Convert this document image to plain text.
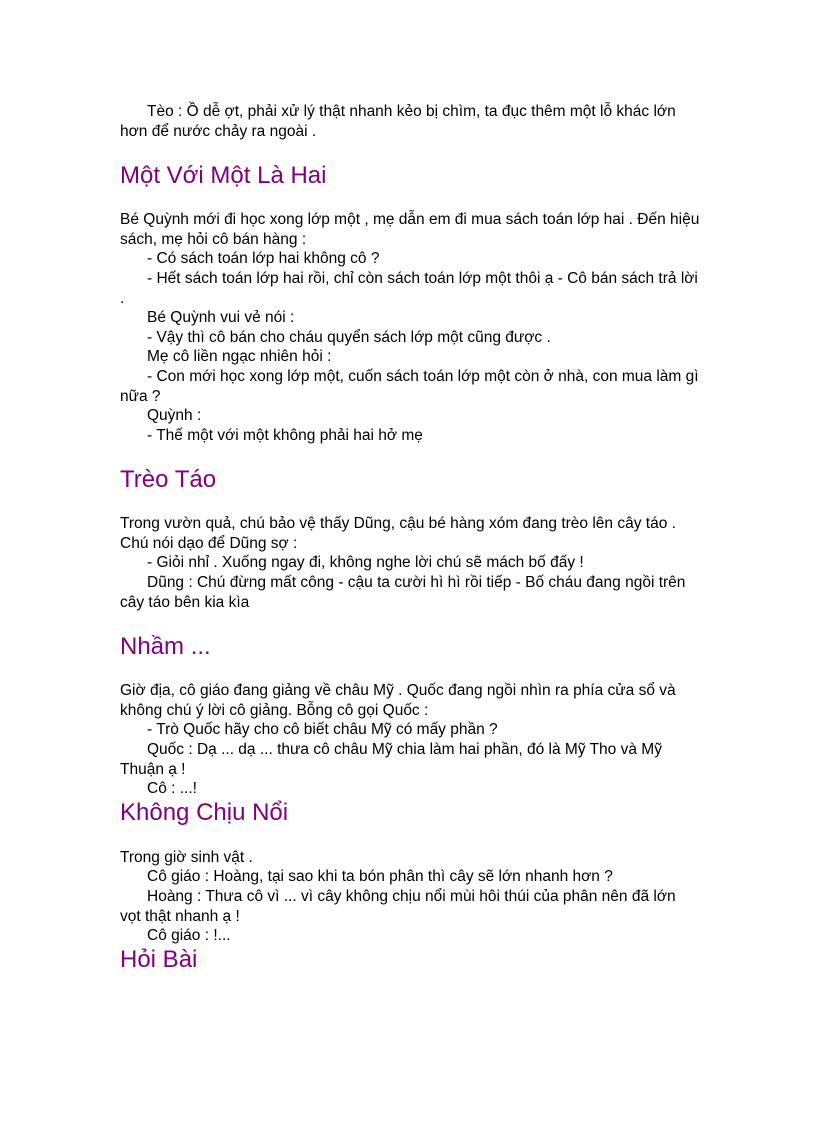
Tèo : Ồ dễ ợt, phải xử lý thật nhanh kẻo bị chìm, ta đục thêm một lỗ khác lớn hơn để nước chảy ra ngoài .
Một Với Một Là Hai
Bé Quỳnh mới đi học xong lớp một , mẹ dẫn em đi mua sách toán lớp hai . Đến hiệu sách, mẹ hỏi cô bán hàng :
- Có sách toán lớp hai không cô ?
- Hết sách toán lớp hai rồi, chỉ còn sách toán lớp một thôi ạ - Cô bán sách trả lời .
Bé Quỳnh vui vẻ nói :
- Vậy thì cô bán cho cháu quyển sách lớp một cũng được .
Mẹ cô liền ngạc nhiên hỏi :
- Con mới học xong lớp một, cuốn sách toán lớp một còn ở nhà, con mua làm gì nữa ?
Quỳnh :
- Thế một với một không phải hai hở mẹ
Trèo Táo
Trong vườn quả, chú bảo vệ thấy Dũng, cậu bé hàng xóm đang trèo lên cây táo . Chú nói dạo để Dũng sợ :
- Giỏi nhỉ . Xuống ngay đi, không nghe lời chú sẽ mách bố đấy !
Dũng : Chú đừng mất công - cậu ta cười hì hì rồi tiếp - Bố cháu đang ngồi trên cây táo bên kia kìa
Nhầm ...
Giờ địa, cô giáo đang giảng về châu Mỹ . Quốc đang ngồi nhìn ra phía cửa sổ và không chú ý lời cô giảng. Bỗng cô gọi Quốc :
- Trò Quốc hãy cho cô biết châu Mỹ có mấy phần ?
Quốc : Dạ ... dạ ... thưa cô châu Mỹ chia làm hai phần, đó là Mỹ Tho và Mỹ Thuận ạ !
Cô : ...!
Không Chịu Nổi
Trong giờ sinh vật .
Cô giáo : Hoàng, tại sao khi ta bón phân thì cây sẽ lớn nhanh hơn ?
Hoàng : Thưa cô vì ... vì cây không chịu nổi mùi hôi thúi của phân nên đã lớn vọt thật nhanh ạ !
Cô giáo : !...
Hỏi Bài
